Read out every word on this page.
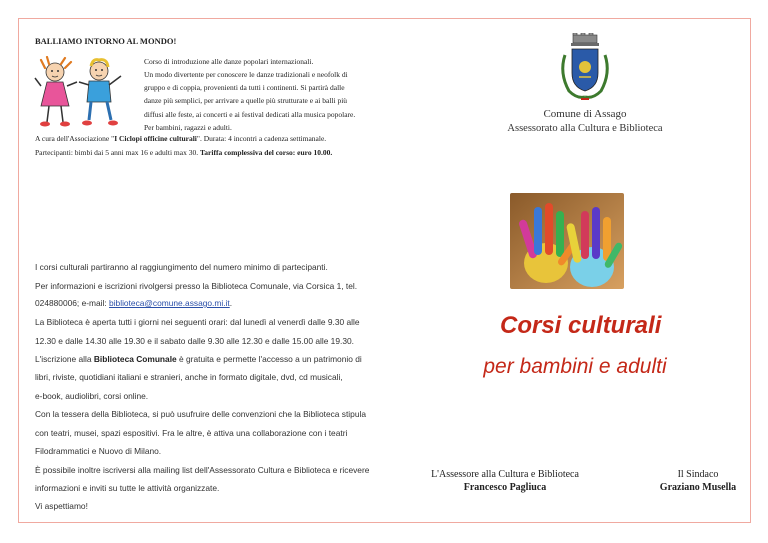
BALLIAMO INTORNO AL MONDO!
Corso di introduzione alle danze popolari internazionali.
Un modo divertente per conoscere le danze tradizionali e neofolk di
gruppo e di coppia, provenienti da tutti i continenti. Si partirà dalle
danze più semplici, per arrivare a quelle più strutturate e ai balli più
diffusi alle feste, ai concerti e ai festival dedicati alla musica popolare.
Per bambini, ragazzi e adulti.
A cura dell'Associazione "I Ciclopi officine culturali". Durata: 4 incontri a cadenza settimanale.
Partecipanti: bimbi dai 5 anni max 16 e adulti max 30. Tariffa complessiva del corso: euro 10.00.
I corsi culturali partiranno al raggiungimento del numero minimo di partecipanti.
Per informazioni e iscrizioni rivolgersi presso la Biblioteca Comunale, via Corsica 1, tel.
024880006; e-mail: biblioteca@comune.assago.mi.it.
La Biblioteca è aperta tutti i giorni nei seguenti orari: dal lunedì al venerdì dalle 9.30 alle
12.30 e dalle 14.30 alle 19.30 e il sabato dalle 9.30 alle 12.30 e dalle 15.00 alle 19.30.
L'iscrizione alla Biblioteca Comunale è gratuita e permette l'accesso a un patrimonio di
libri, riviste, quotidiani italiani e stranieri, anche in formato digitale, dvd, cd musicali,
e-book, audiolibri, corsi online.
Con la tessera della Biblioteca, si può usufruire delle convenzioni che la Biblioteca stipula
con teatri, musei, spazi espositivi. Fra le altre, è attiva una collaborazione con i teatri
Filodrammatici e Nuovo di Milano.
È possibile inoltre iscriversi alla mailing list dell'Assessorato Cultura e Biblioteca e ricevere
informazioni e inviti su tutte le attività organizzate.
Vi aspettiamo!
Comune di Assago
Assessorato alla Cultura e Biblioteca
Corsi culturali
per bambini e adulti
L'Assessore alla Cultura e Biblioteca
Francesco Pagliuca
Il Sindaco
Graziano Musella
